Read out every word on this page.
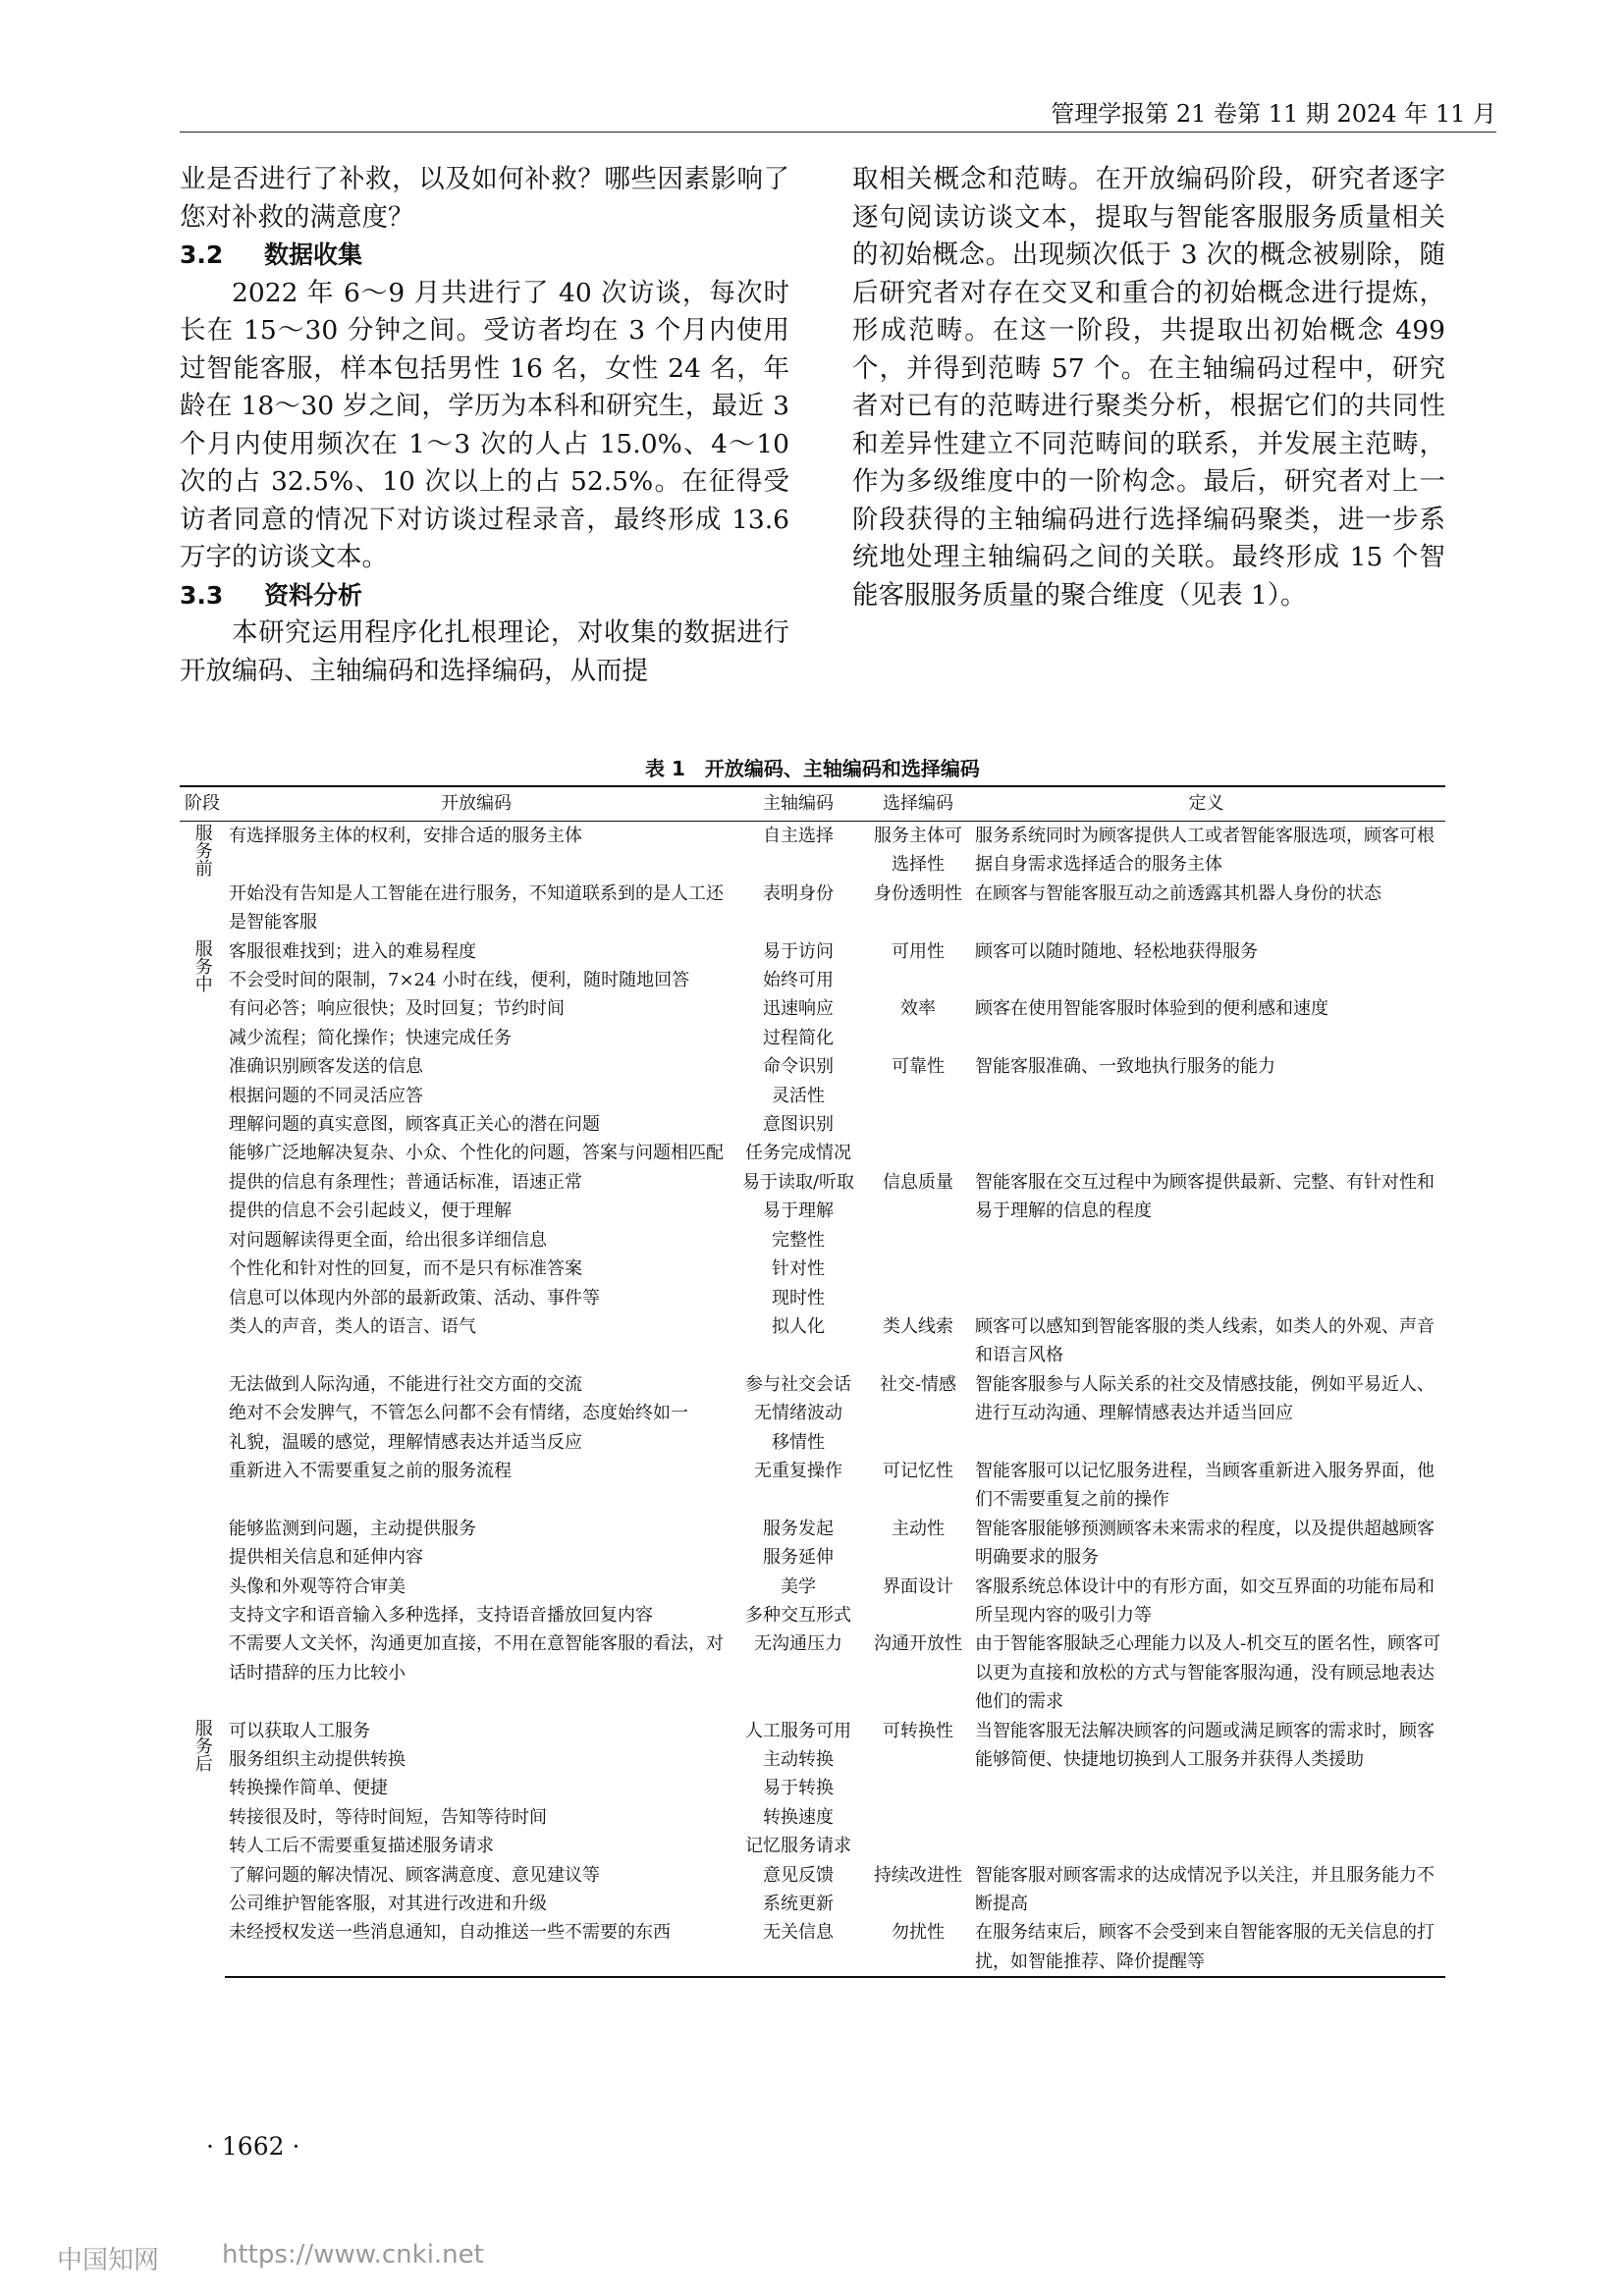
管理学报第 21 卷第 11 期 2024 年 11 月

业是否进行了补救，以及如何补救？哪些因素影响了您对补救的满意度？

3.2 数据收集

2022 年 6～9 月共进行了 40 次访谈，每次时长在 15～30 分钟之间。受访者均在 3 个月内使用过智能客服，样本包括男性 16 名，女性 24 名，年龄在 18～30 岁之间，学历为本科和研究生，最近 3 个月内使用频次在 1～3 次的人占 15.0%、4～10 次的占 32.5%、10 次以上的占 52.5%。在征得受访者同意的情况下对访谈过程录音，最终形成 13.6 万字的访谈文本。

3.3 资料分析

本研究运用程序化扎根理论，对收集的数据进行开放编码、主轴编码和选择编码，从而提

取相关概念和范畴。在开放编码阶段，研究者逐字逐句阅读访谈文本，提取与智能客服服务质量相关的初始概念。出现频次低于 3 次的概念被剔除，随后研究者对存在交叉和重合的初始概念进行提炼，形成范畴。在这一阶段，共提取出初始概念 499 个，并得到范畴 57 个。在主轴编码过程中，研究者对已有的范畴进行聚类分析，根据它们的共同性和差异性建立不同范畴间的联系，并发展主范畴，作为多级维度中的一阶构念。最后，研究者对上一阶段获得的主轴编码进行选择编码聚类，进一步系统地处理主轴编码之间的关联。最终形成 15 个智能客服服务质量的聚合维度（见表 1）。

表 1　开放编码、主轴编码和选择编码
阶段	开放编码	主轴编码	选择编码	定义
服务前	有选择服务主体的权利，安排合适的服务主体	自主选择	服务主体可选择性	服务系统同时为顾客提供人工或者智能客服选项，顾客可根据自身需求选择适合的服务主体
	开始没有告知是人工智能在进行服务，不知道联系到的是人工还是智能客服	表明身份	身份透明性	在顾客与智能客服互动之前透露其机器人身份的状态
服务中	客服很难找到；进入的难易程度	易于访问	可用性	顾客可以随时随地、轻松地获得服务
	不会受时间的限制，7×24 小时在线，便利，随时随地回答	始终可用		
	有问必答；响应很快；及时回复；节约时间	迅速响应	效率	顾客在使用智能客服时体验到的便利感和速度
	减少流程；简化操作；快速完成任务	过程简化		
	准确识别顾客发送的信息	命令识别	可靠性	智能客服准确、一致地执行服务的能力
	根据问题的不同灵活应答	灵活性		
	理解问题的真实意图，顾客真正关心的潜在问题	意图识别		
	能够广泛地解决复杂、小众、个性化的问题，答案与问题相匹配	任务完成情况		
	提供的信息有条理性；普通话标准，语速正常	易于读取/听取	信息质量	智能客服在交互过程中为顾客提供最新、完整、有针对性和易于理解的信息的程度
	提供的信息不会引起歧义，便于理解	易于理解		
	对问题解读得更全面，给出很多详细信息	完整性		
	个性化和针对性的回复，而不是只有标准答案	针对性		
	信息可以体现内外部的最新政策、活动、事件等	现时性		
	类人的声音，类人的语言、语气	拟人化	类人线索	顾客可以感知到智能客服的类人线索，如类人的外观、声音和语言风格
	无法做到人际沟通，不能进行社交方面的交流	参与社交会话	社交-情感	智能客服参与人际关系的社交及情感技能，例如平易近人、进行互动沟通、理解情感表达并适当回应
	绝对不会发脾气，不管怎么问都不会有情绪，态度始终如一	无情绪波动		
	礼貌，温暖的感觉，理解情感表达并适当反应	移情性		
	重新进入不需要重复之前的服务流程	无重复操作	可记忆性	智能客服可以记忆服务进程，当顾客重新进入服务界面，他们不需要重复之前的操作
	能够监测到问题，主动提供服务	服务发起	主动性	智能客服能够预测顾客未来需求的程度，以及提供超越顾客明确要求的服务
	提供相关信息和延伸内容	服务延伸		
	头像和外观等符合审美	美学	界面设计	客服系统总体设计中的有形方面，如交互界面的功能布局和所呈现内容的吸引力等
	支持文字和语音输入多种选择，支持语音播放回复内容	多种交互形式		
	不需要人文关怀，沟通更加直接，不用在意智能客服的看法，对话时措辞的压力比较小	无沟通压力	沟通开放性	由于智能客服缺乏心理能力以及人-机交互的匿名性，顾客可以更为直接和放松的方式与智能客服沟通，没有顾忌地表达他们的需求
服务后	可以获取人工服务	人工服务可用	可转换性	当智能客服无法解决顾客的问题或满足顾客的需求时，顾客能够简便、快捷地切换到人工服务并获得人类援助
	服务组织主动提供转换	主动转换		
	转换操作简单、便捷	易于转换		
	转接很及时，等待时间短，告知等待时间	转换速度		
	转人工后不需要重复描述服务请求	记忆服务请求		
	了解问题的解决情况、顾客满意度、意见建议等	意见反馈	持续改进性	智能客服对顾客需求的达成情况予以关注，并且服务能力不断提高
	公司维护智能客服，对其进行改进和升级	系统更新		
	未经授权发送一些消息通知，自动推送一些不需要的东西	无关信息	勿扰性	在服务结束后，顾客不会受到来自智能客服的无关信息的打扰，如智能推荐、降价提醒等
· 1662 ·
中国知网 https://www.cnki.net
